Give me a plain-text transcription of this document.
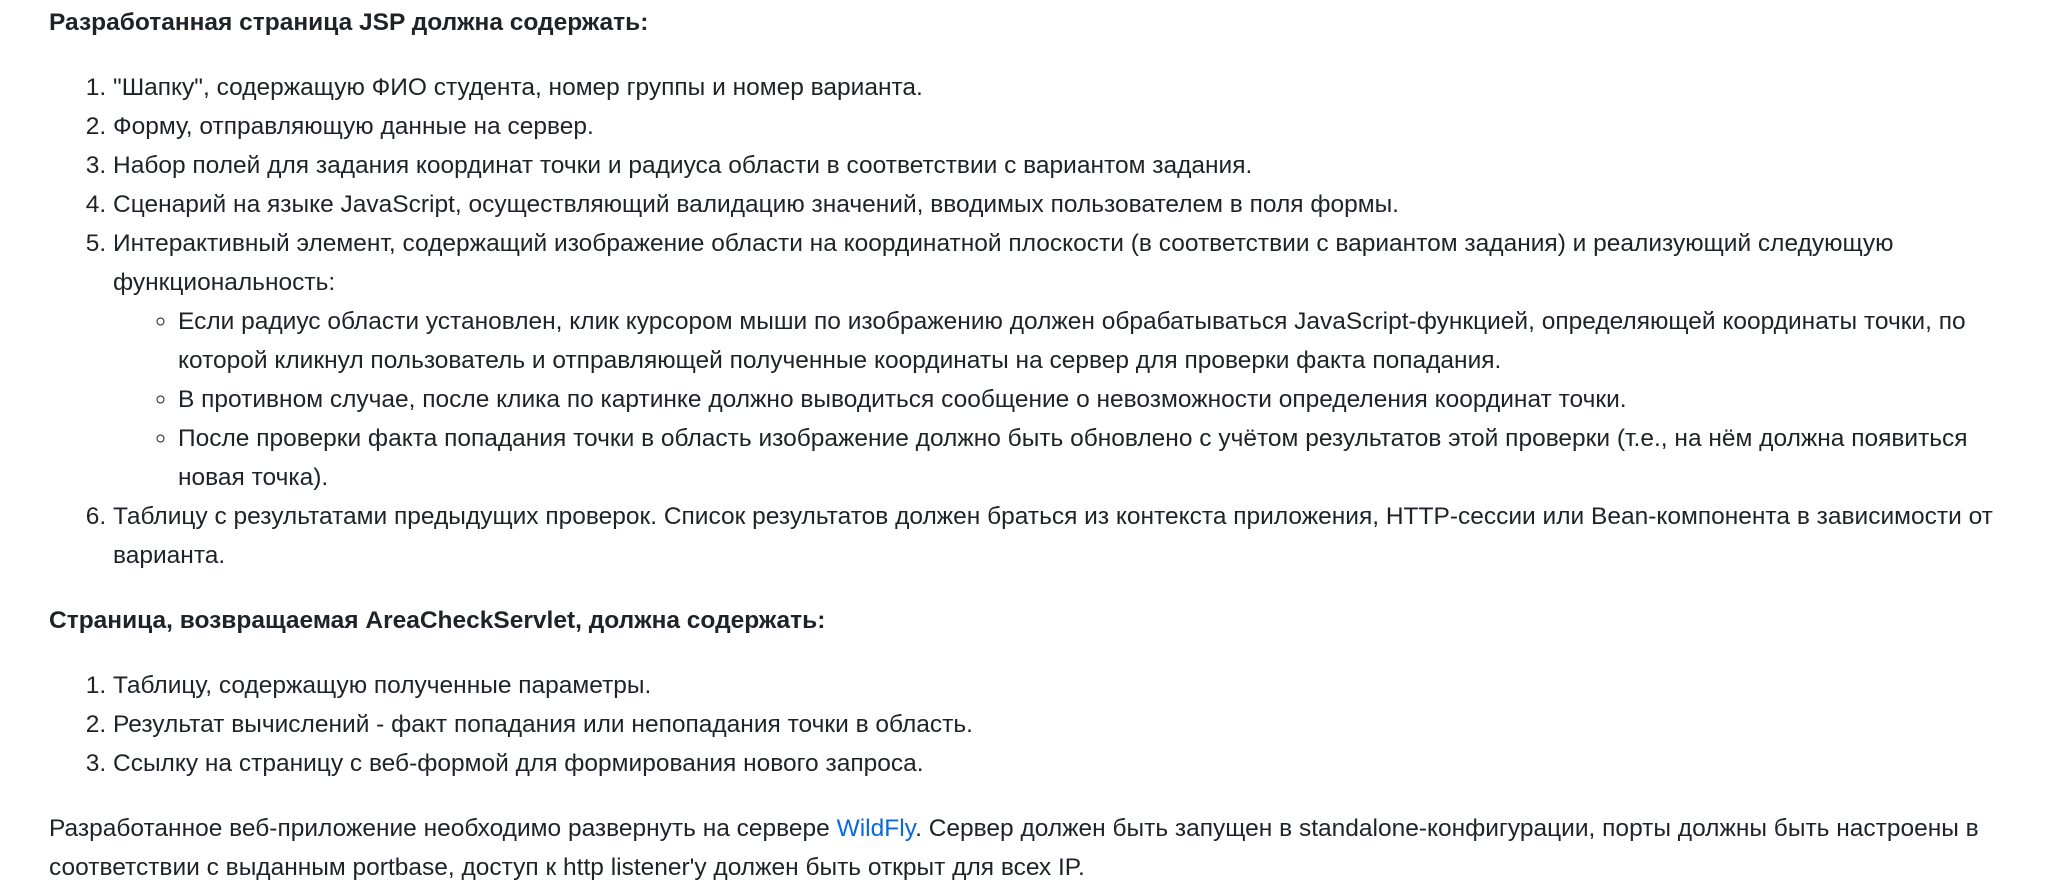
Разработанная страница JSP должна содержать:

1. "Шапку", содержащую ФИО студента, номер группы и номер варианта.
2. Форму, отправляющую данные на сервер.
3. Набор полей для задания координат точки и радиуса области в соответствии с вариантом задания.
4. Сценарий на языке JavaScript, осуществляющий валидацию значений, вводимых пользователем в поля формы.
5. Интерактивный элемент, содержащий изображение области на координатной плоскости (в соответствии с вариантом задания) и реализующий следующую функциональность:
◦ Если радиус области установлен, клик курсором мыши по изображению должен обрабатываться JavaScript-функцией, определяющей координаты точки, по которой кликнул пользователь и отправляющей полученные координаты на сервер для проверки факта попадания.
◦ В противном случае, после клика по картинке должно выводиться сообщение о невозможности определения координат точки.
◦ После проверки факта попадания точки в область изображение должно быть обновлено с учётом результатов этой проверки (т.е., на нём должна появиться новая точка).
6. Таблицу с результатами предыдущих проверок. Список результатов должен браться из контекста приложения, HTTP-сессии или Bean-компонента в зависимости от варианта.

Страница, возвращаемая AreaCheckServlet, должна содержать:

1. Таблицу, содержащую полученные параметры.
2. Результат вычислений - факт попадания или непопадания точки в область.
3. Ссылку на страницу с веб-формой для формирования нового запроса.

Разработанное веб-приложение необходимо развернуть на сервере WildFly. Сервер должен быть запущен в standalone-конфигурации, порты должны быть настроены в соответствии с выданным portbase, доступ к http listener'y должен быть открыт для всех IP.
